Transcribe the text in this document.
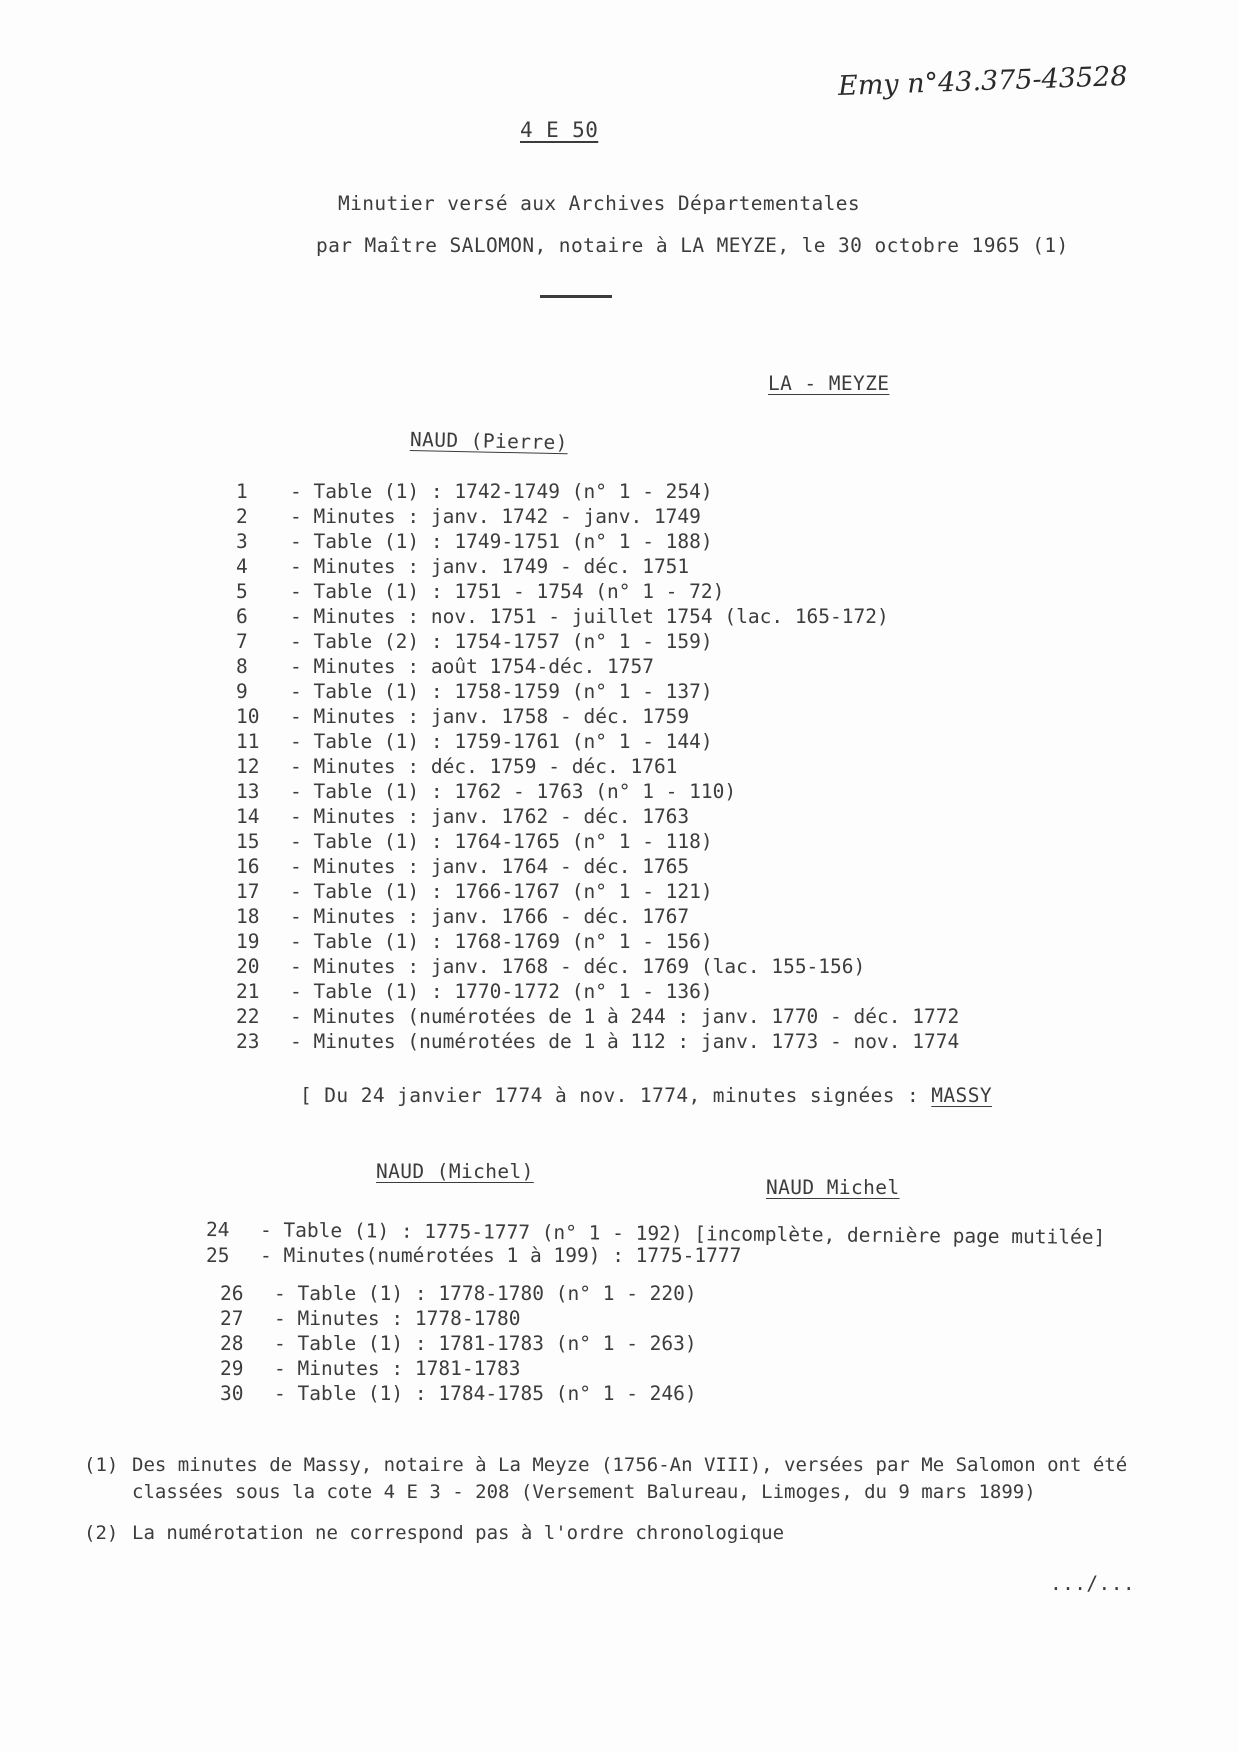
Emy n°43.375-43528
4 E 50
Minutier versé aux Archives Départementales
par Maître SALOMON, notaire à LA MEYZE, le 30 octobre 1965 (1)
LA - MEYZE
NAUD (Pierre)
1 - Table (1) : 1742-1749 (n° 1 - 254)
2 - Minutes : janv. 1742 - janv. 1749
3 - Table (1) : 1749-1751 (n° 1 - 188)
4 - Minutes : janv. 1749 - déc. 1751
5 - Table (1) : 1751 - 1754 (n° 1 - 72)
6 - Minutes : nov. 1751 - juillet 1754 (lac. 165-172)
7 - Table (2) : 1754-1757 (n° 1 - 159)
8 - Minutes : août 1754-déc. 1757
9 - Table (1) : 1758-1759 (n° 1 - 137)
10 - Minutes : janv. 1758 - déc. 1759
11 - Table (1) : 1759-1761 (n° 1 - 144)
12 - Minutes : déc. 1759 - déc. 1761
13 - Table (1) : 1762 - 1763 (n° 1 - 110)
14 - Minutes : janv. 1762 - déc. 1763
15 - Table (1) : 1764-1765 (n° 1 - 118)
16 - Minutes : janv. 1764 - déc. 1765
17 - Table (1) : 1766-1767 (n° 1 - 121)
18 - Minutes : janv. 1766 - déc. 1767
19 - Table (1) : 1768-1769 (n° 1 - 156)
20 - Minutes : janv. 1768 - déc. 1769 (lac. 155-156)
21 - Table (1) : 1770-1772 (n° 1 - 136)
22 - Minutes (numérotées de 1 à 244 : janv. 1770 - déc. 1772
23 - Minutes (numérotées de 1 à 112 : janv. 1773 - nov. 1774
[ Du 24 janvier 1774 à nov. 1774, minutes signées : MASSY
NAUD (Michel)
NAUD Michel
24 - Table (1) : 1775-1777 (n° 1 - 192) [incomplète, dernière page mutilée]
25 - Minutes(numérotées 1 à 199) : 1775-1777
26 - Table (1) : 1778-1780 (n° 1 - 220)
27 - Minutes : 1778-1780
28 - Table (1) : 1781-1783 (n° 1 - 263)
29 - Minutes : 1781-1783
30 - Table (1) : 1784-1785 (n° 1 - 246)
(1) Des minutes de Massy, notaire à La Meyze (1756-An VIII), versées par Me Salomon ont été classées sous la cote 4 E 3 - 208 (Versement Balureau, Limoges, du 9 mars 1899)
(2) La numérotation ne correspond pas à l'ordre chronologique
.../...
